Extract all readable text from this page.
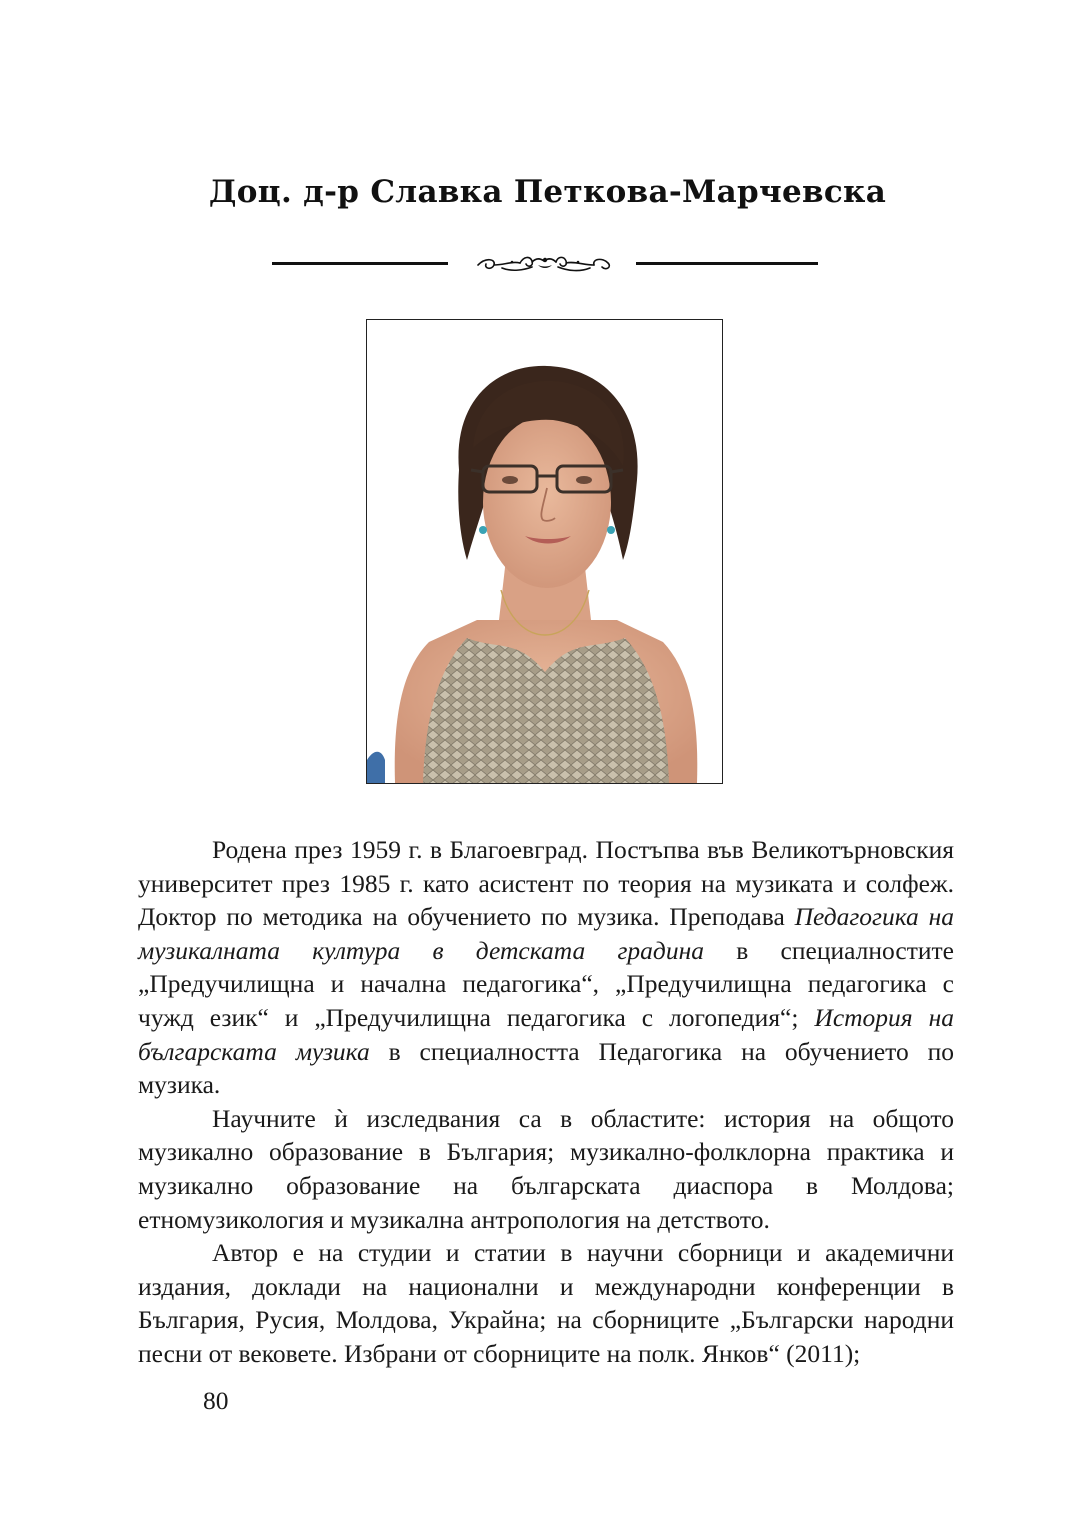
Доц. д-р Славка Петкова-Марчевска

Родена през 1959 г. в Благоевград. Постъпва във Великотърновския университет през 1985 г. като асистент по теория на музиката и солфеж. Доктор по методика на обучението по музика. Преподава Педагогика на музикалната култура в детската градина в специалностите „Предучилищна и начална педагогика“, „Предучилищна педагогика с чужд език“ и „Предучилищна педагогика с логопедия“; История на българската музика в специалността Педагогика на обучението по музика.

Научните ѝ изследвания са в областите: история на общото музикално образование в България; музикално-фолклорна практика и музикално образование на българската диаспора в Молдова; етномузикология и музикална антропология на детството.

Автор е на студии и статии в научни сборници и академични издания, доклади на национални и международни конференции в България, Русия, Молдова, Украйна; на сборниците „Български народни песни от вековете. Избрани от сборниците на полк. Янков“ (2011);

80
